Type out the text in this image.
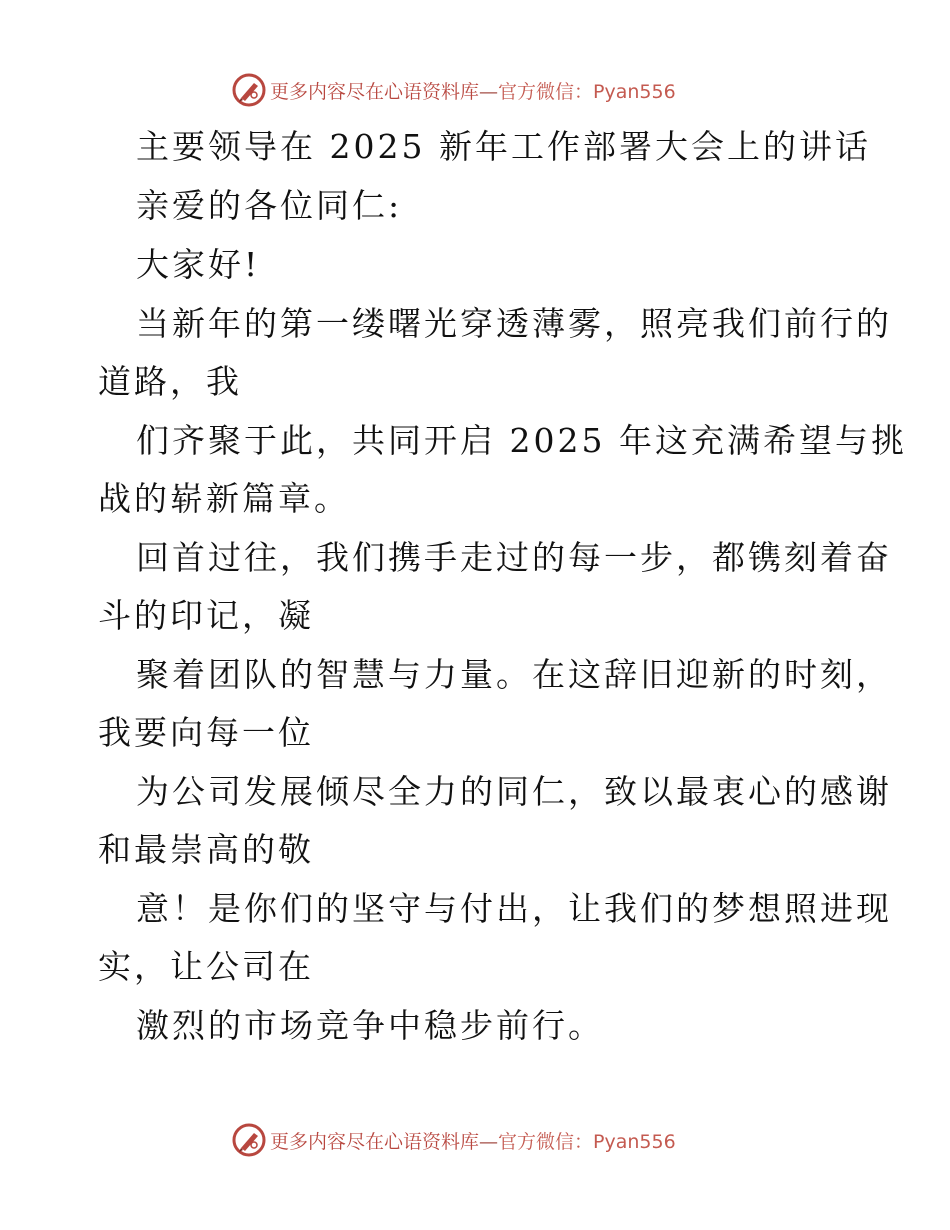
更多内容尽在心语资料库—官方微信：Pyan556
主要领导在 2025 新年工作部署大会上的讲话
亲爱的各位同仁:
大家好!
当新年的第一缕曙光穿透薄雾，照亮我们前行的
道路，我
们齐聚于此，共同开启 2025 年这充满希望与挑
战的崭新篇章。
回首过往，我们携手走过的每一步，都镌刻着奋
斗的印记，凝
聚着团队的智慧与力量。在这辞旧迎新的时刻，
我要向每一位
为公司发展倾尽全力的同仁，致以最衷心的感谢
和最崇高的敬
意！是你们的坚守与付出，让我们的梦想照进现
实，让公司在
激烈的市场竞争中稳步前行。
更多内容尽在心语资料库—官方微信：Pyan556
